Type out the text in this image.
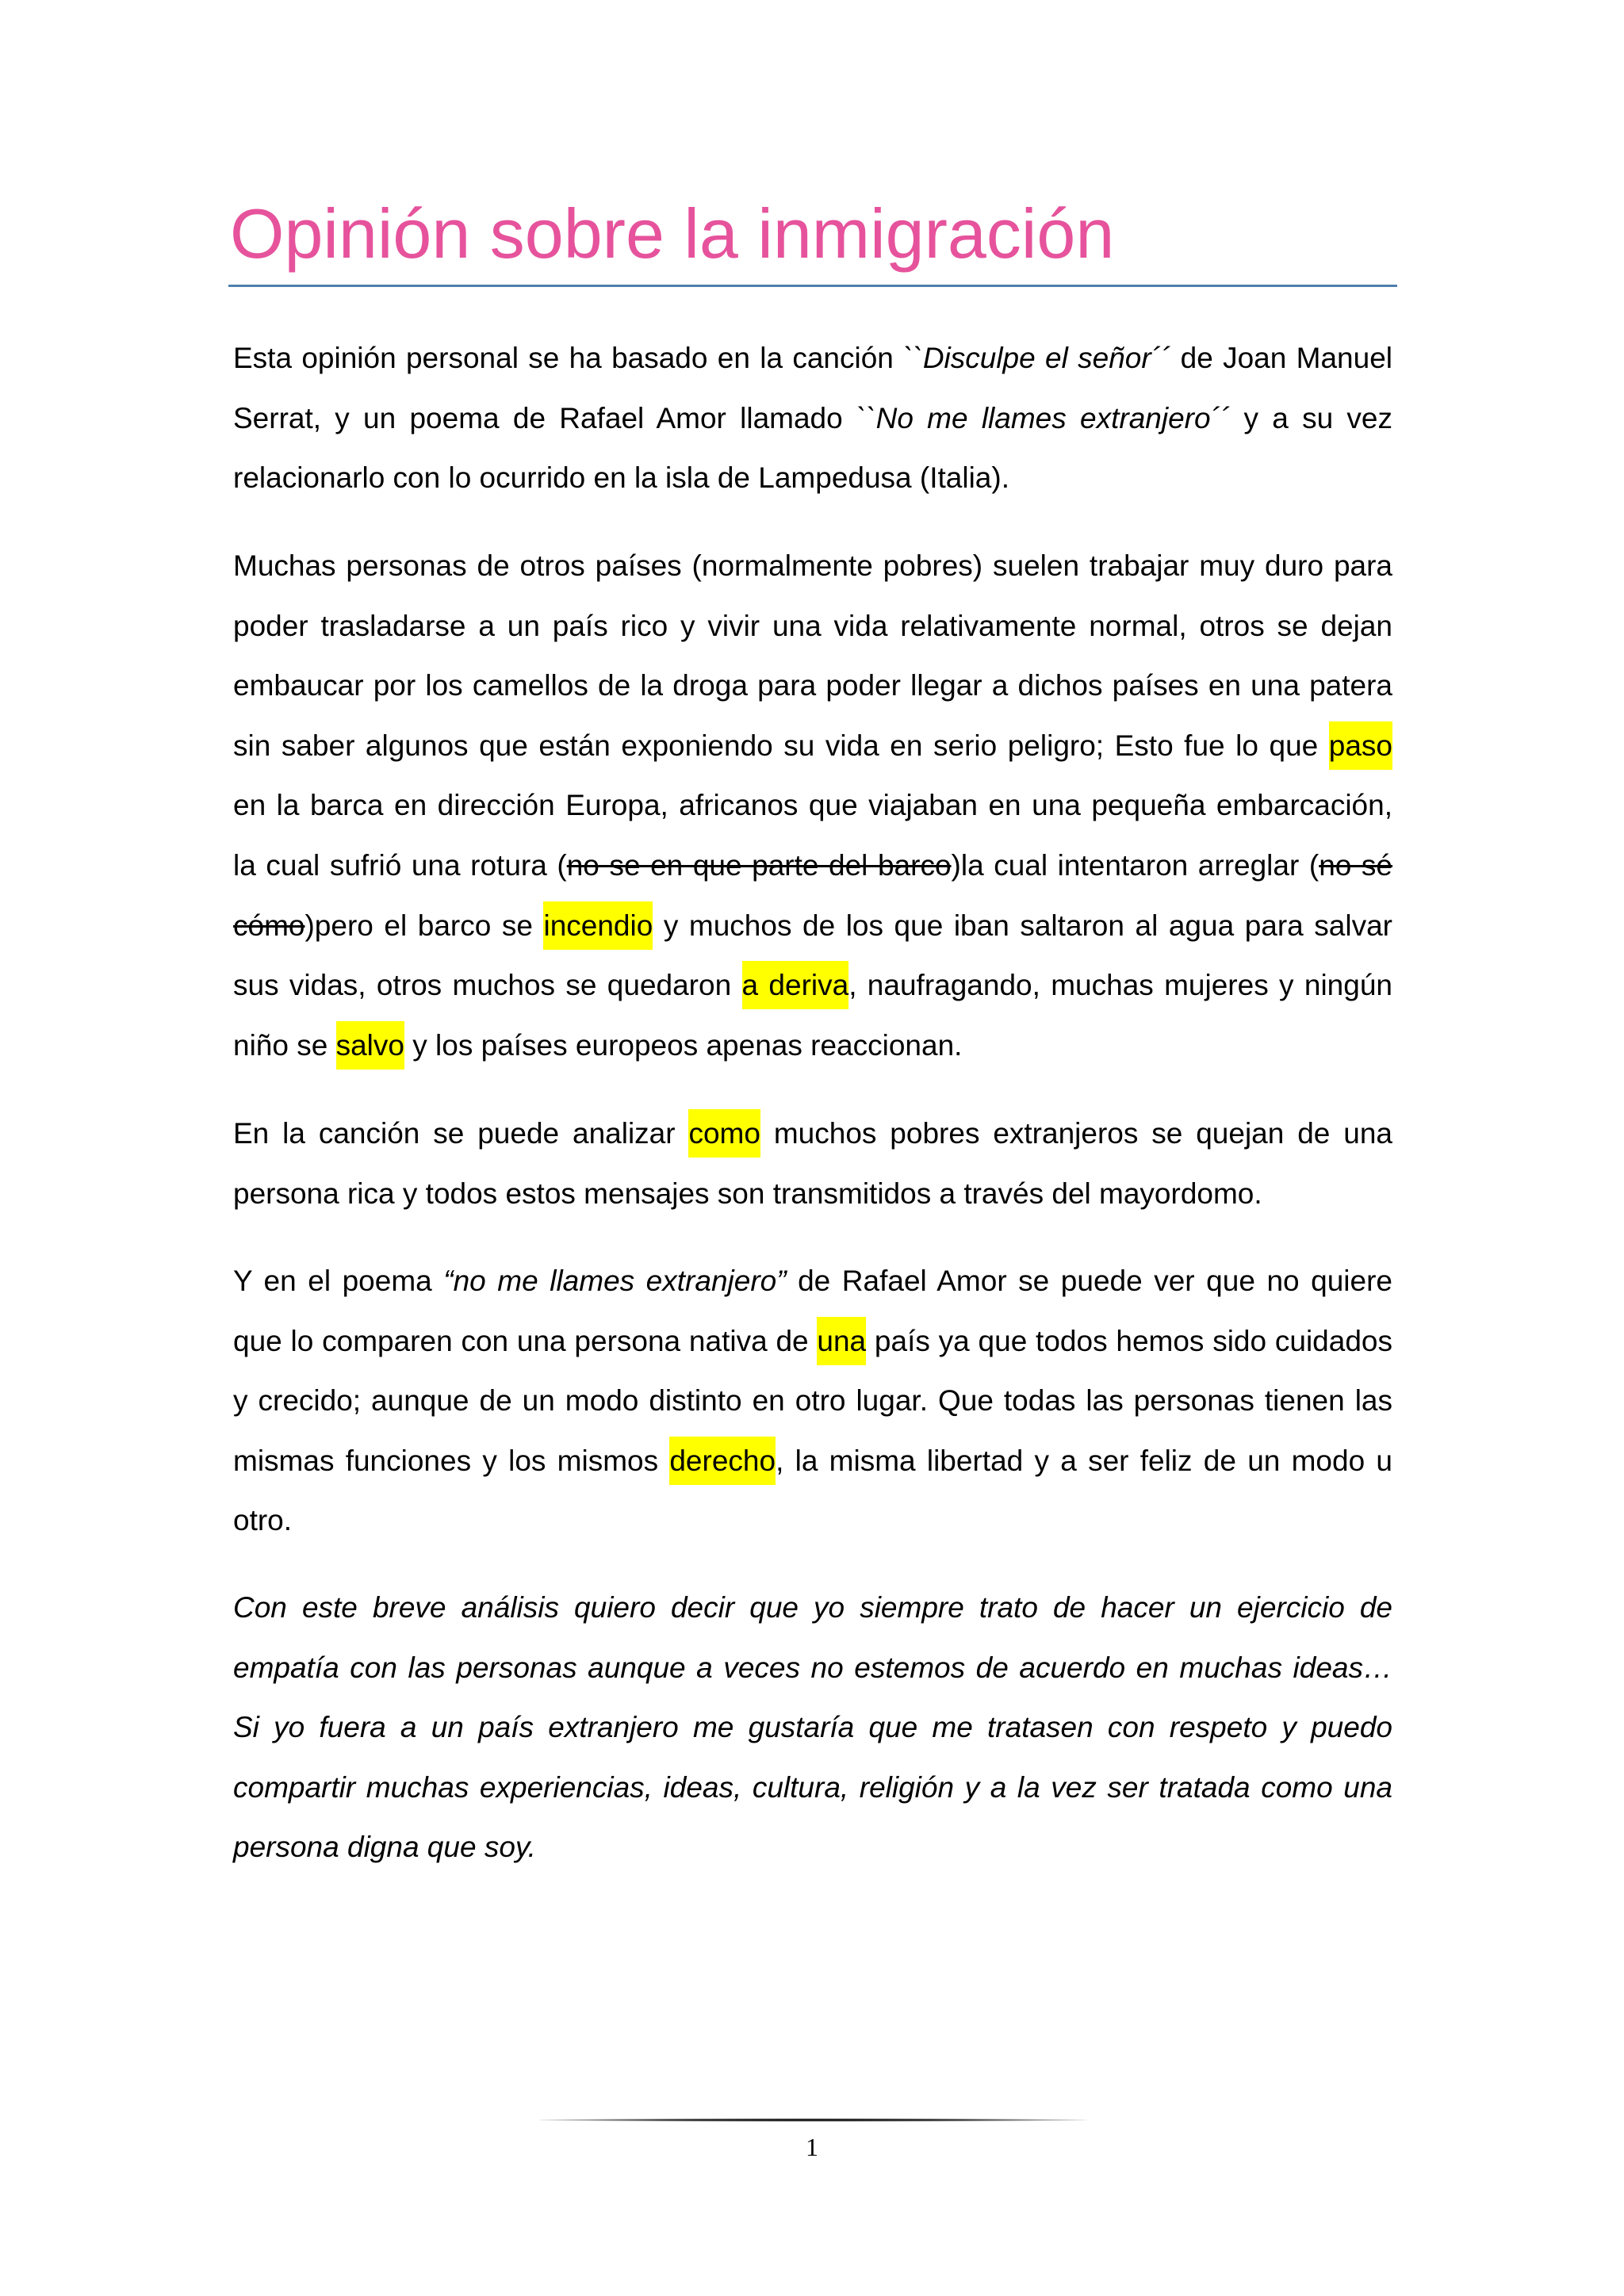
Opinión sobre la inmigración

Esta opinión personal se ha basado en la canción ``Disculpe el señor´´ de Joan Manuel Serrat, y un poema de Rafael Amor llamado ``No me llames extranjero´´ y a su vez relacionarlo con lo ocurrido en la isla de Lampedusa (Italia).

Muchas personas de otros países (normalmente pobres) suelen trabajar muy duro para poder trasladarse a un país rico y vivir una vida relativamente normal, otros se dejan embaucar por los camellos de la droga para poder llegar a dichos países en una patera sin saber algunos que están exponiendo su vida en serio peligro; Esto fue lo que paso en la barca en dirección Europa, africanos que viajaban en una pequeña embarcación, la cual sufrió una rotura (no se en que parte del barco)la cual intentaron arreglar (no sé cómo)pero el barco se incendio y muchos de los que iban saltaron al agua para salvar sus vidas, otros muchos se quedaron a deriva, naufragando, muchas mujeres y ningún niño se salvo y los países europeos apenas reaccionan.

En la canción se puede analizar como muchos pobres extranjeros se quejan de una persona rica y todos estos mensajes son transmitidos a través del mayordomo.

Y en el poema “no me llames extranjero” de Rafael Amor se puede ver que no quiere que lo comparen con una persona nativa de una país ya que todos hemos sido cuidados y crecido; aunque de un modo distinto en otro lugar. Que todas las personas tienen las mismas funciones y los mismos derecho, la misma libertad y a ser feliz de un modo u otro.

Con este breve análisis quiero decir que yo siempre trato de hacer un ejercicio de empatía con las personas aunque a veces no estemos de acuerdo en muchas ideas… Si yo fuera a un país extranjero me gustaría que me tratasen con respeto y puedo compartir muchas experiencias, ideas, cultura, religión y a la vez ser tratada como una persona digna que soy.

1
